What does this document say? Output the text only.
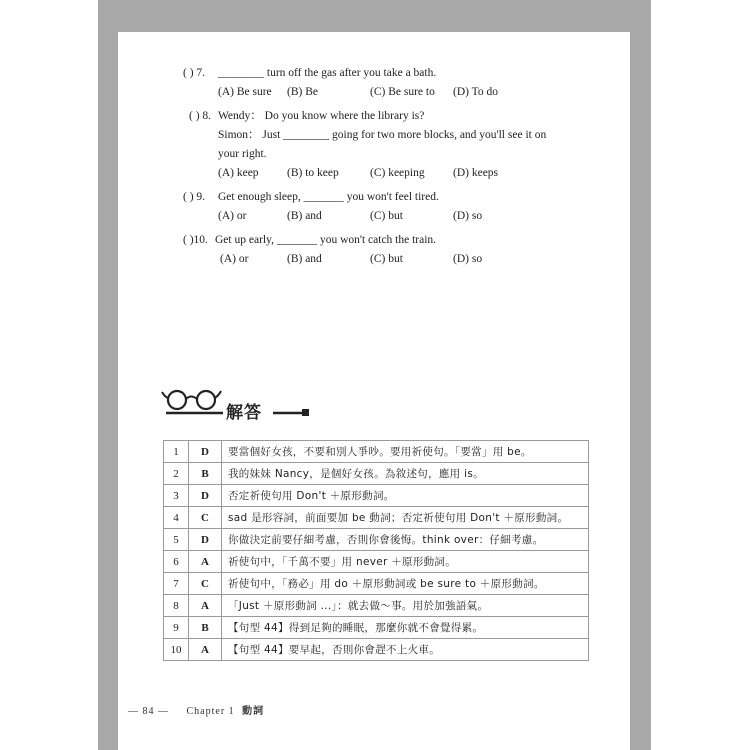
( ) 7. ________ turn off the gas after you take a bath.
(A) Be sure (B) Be	(C) Be sure to (D) To do
( ) 8. Wendy： Do you know where the library is?
Simon： Just ________ going for two more blocks, and you'll see it on
your right.
(A) keep (B) to keep	(C) keeping (D) keeps
( ) 9. Get enough sleep, _______ you won't feel tired.
(A) or	(B) and	(C) but	(D) so
( )10. Get up early, _______ you won't catch the train.
(A) or	(B) and	(C) but	(D) so
解答
1	D	要當個好女孩，不要和別人爭吵。要用祈使句。「要當」用 be。
2	B	我的妹妹 Nancy，是個好女孩。為敘述句，應用 is。
3	D	否定祈使句用 Don't ＋原形動詞。
4	C	sad 是形容詞，前面要加 be 動詞；否定祈使句用 Don't ＋原形動詞。
5	D	你做決定前要仔細考慮，否則你會後悔。think over：仔細考慮。
6	A	祈使句中，「千萬不要」用 never ＋原形動詞。
7	C	祈使句中，「務必」用 do ＋原形動詞或 be sure to ＋原形動詞。
8	A	「Just ＋原形動詞 ...」：就去做～事。用於加強語氣。
9	B	【句型 44】得到足夠的睡眠，那麼你就不會覺得累。
10	A	【句型 44】要早起，否則你會趕不上火車。
— 84 — Chapter 1 動詞
